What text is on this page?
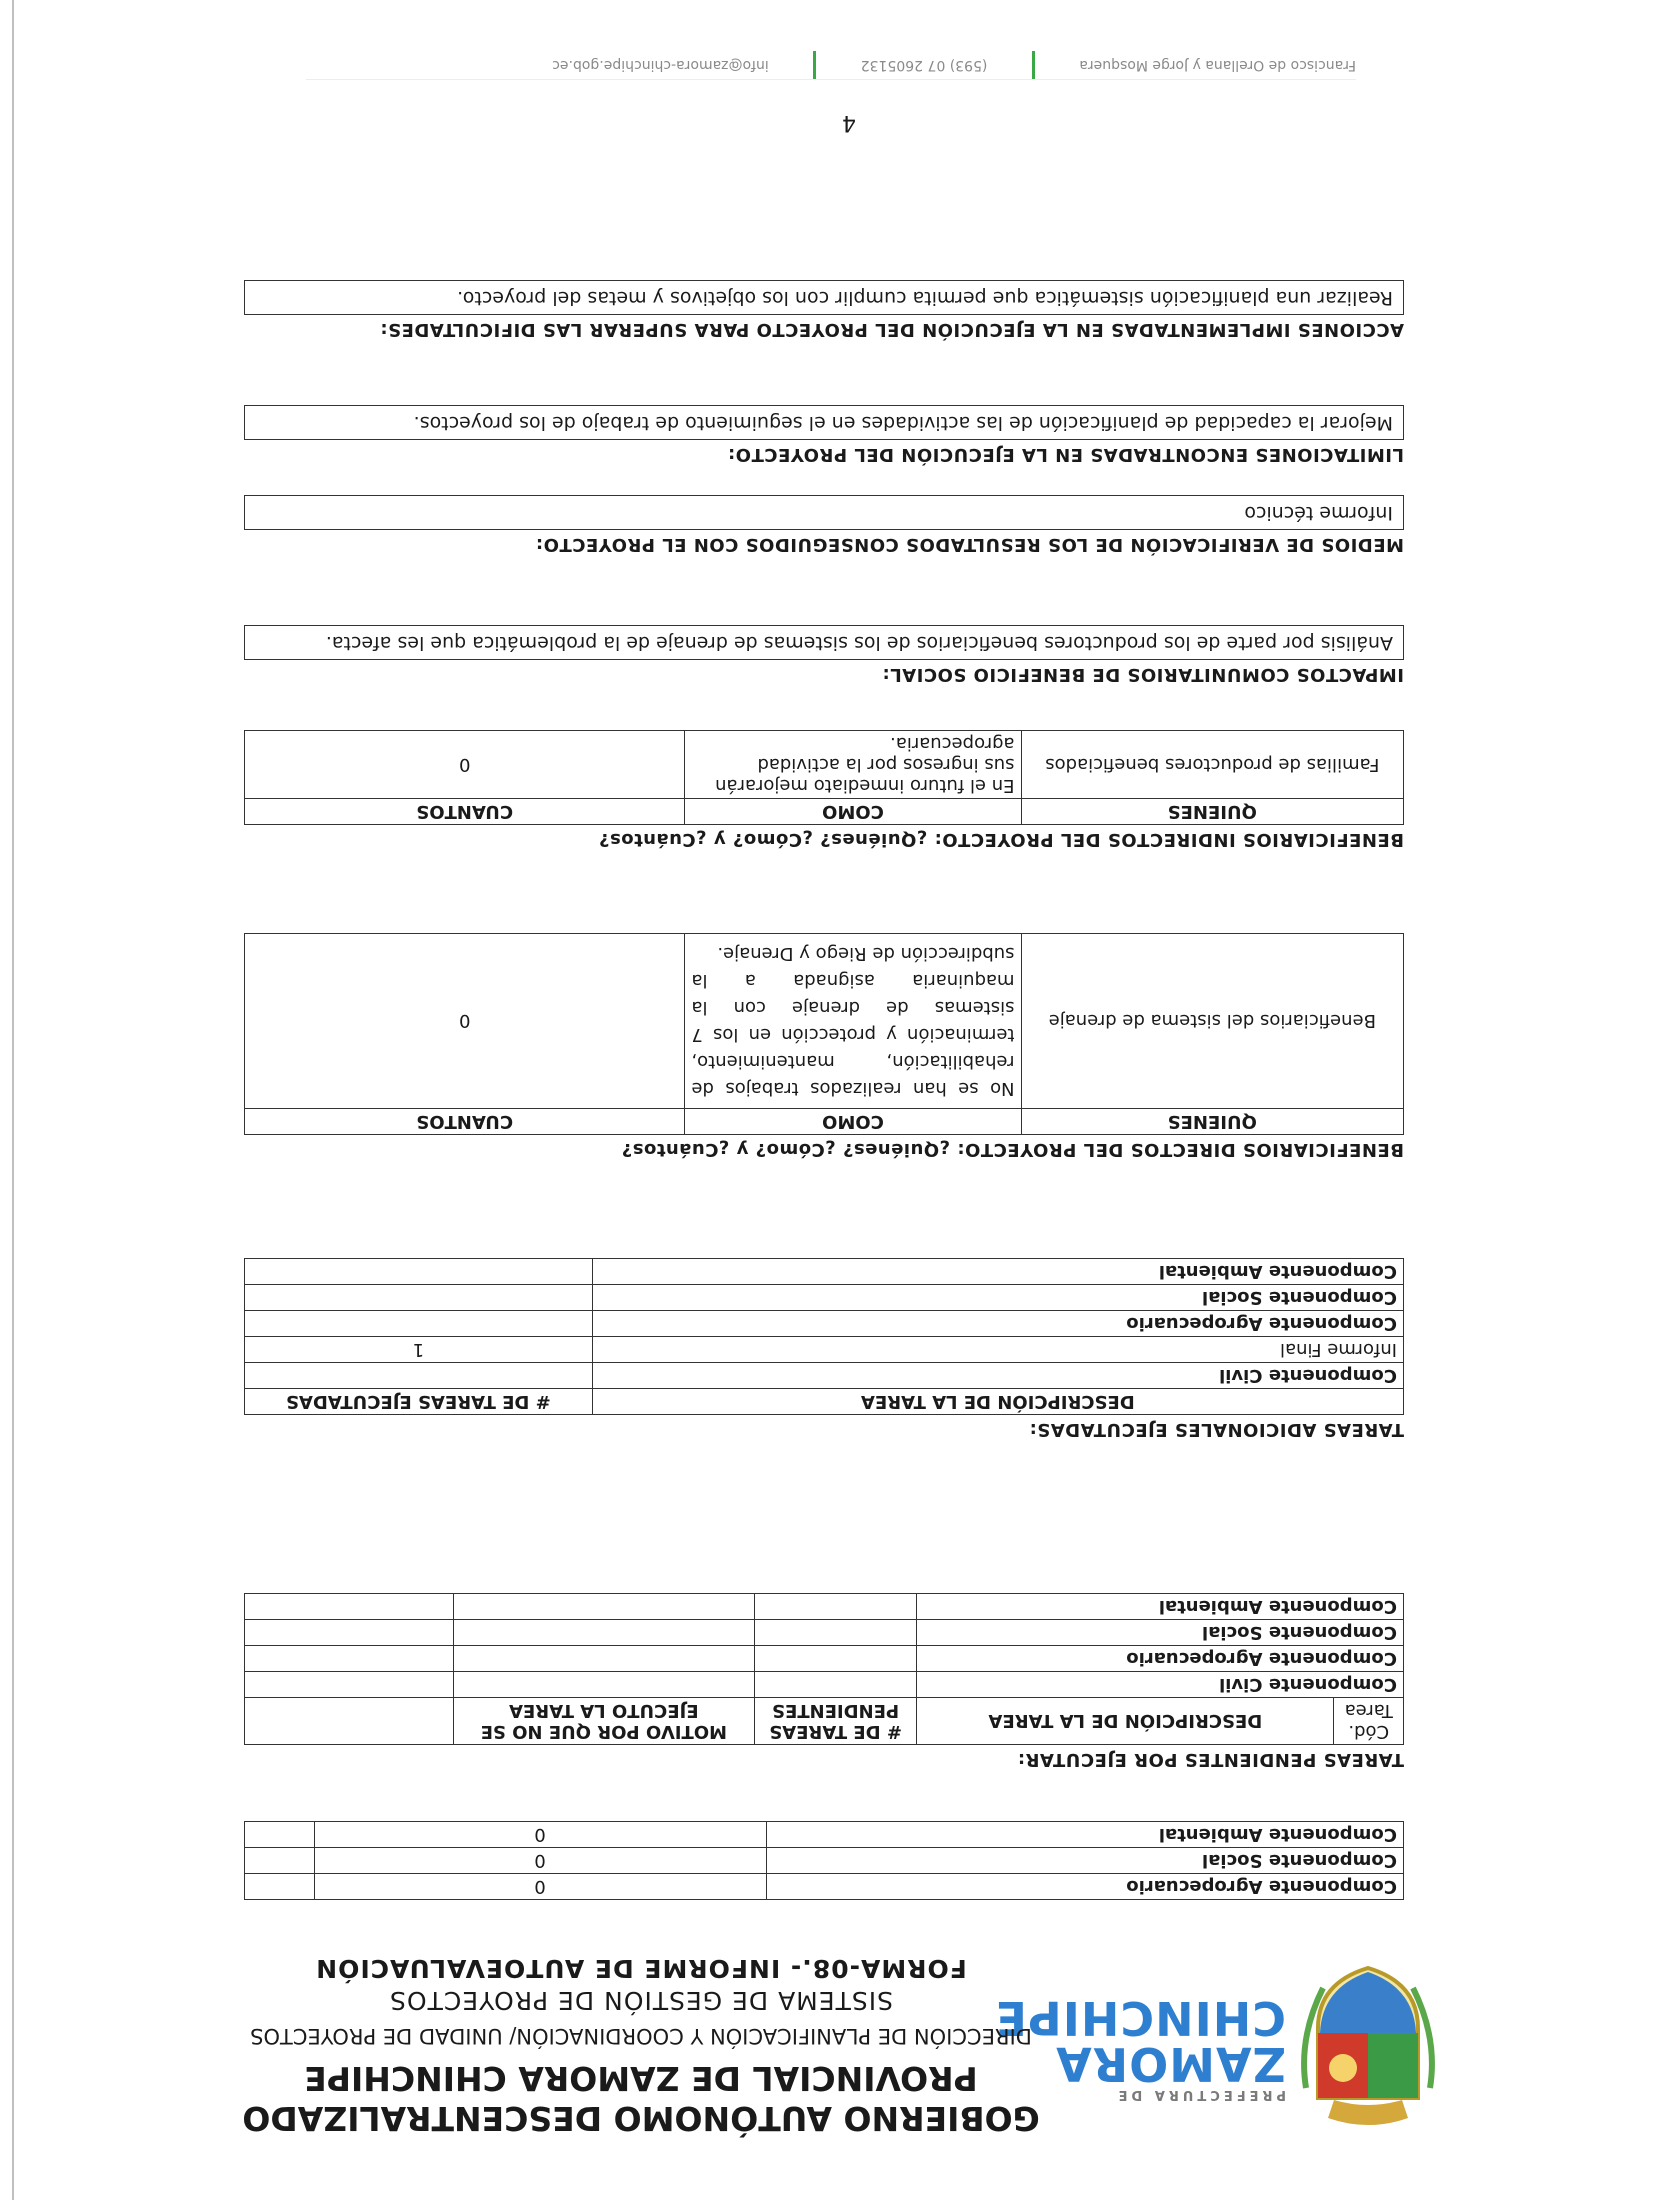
PREFECTURA DE
ZAMORA
CHINCHIPE
GOBIERNO AUTÓNOMO DESCENTRALIZADO
PROVINCIAL DE ZAMORA CHINCHIPE
DIRECCIÓN DE PLANIFICACIÓN Y COORDINACIÓN/ UNIDAD DE PROYECTOS
SISTEMA DE GESTIÓN DE PROYECTOS
FORMA-08.- INFORME DE AUTOEVALUACIÓN
Componente Agropecuario	0	
Componente Social	0	
Componente Ambiental	0	
TAREAS PENDIENTES POR EJECUTAR:
Cód. Tarea	DESCRIPCIÓN DE LA TAREA	# DE TAREAS PENDIENTES	MOTIVO POR QUE NO SE EJECUTO LA TAREA	
Componente Civil				
Componente Agropecuario				
Componente Social				
Componente Ambiental				
TAREAS ADICIONALES EJECUTADAS:
DESCRIPCIÓN DE LA TAREA	# DE TAREAS EJECUTADAS
Componente Civil	
Informe Final	1
Componente Agropecuario	
Componente Social	
Componente Ambiental	
BENEFICIARIOS DIRECTOS DEL PROYECTO: ¿Quiénes? ¿Cómo? y ¿Cuántos?
QUIENES	COMO	CUANTOS
Beneficiarios del sistema de drenaje	No se han realizados trabajos de rehabilitación, mantenimiento, terminación y protección en los 7 sistemas de drenaje con la maquinaria asignada a la subdirección de Riego y Drenaje.	0
BENEFICIARIOS INDIRECTOS DEL PROYECTO: ¿Quiénes? ¿Cómo? y ¿Cuántos?
QUIENES	COMO	CUANTOS
Familias de productores beneficiados	En el futuro inmediato mejorarán sus ingresos por la actividad agropecuaria.	0
IMPACTOS COMUNITARIOS DE BENEFICIO SOCIAL:
Análisis por parte de los productores beneficiarios de los sistemas de drenaje de la problemática que les afecta.
MEDIOS DE VERIFICACIÓN DE LOS RESULTADOS CONSEGUIDOS CON EL PROYECTO:
Informe técnico
LIMITACIONES ENCONTRADAS EN LA EJECUCIÓN DEL PROYECTO:
Mejorar la capacidad de planificación de las actividades en el seguimiento de trabajo de los proyectos.
ACCIONES IMPLEMENTADAS EN LA EJECUCIÓN DEL PROYECTO PARA SUPERAR LAS DIFICULTADES:
Realizar una planificación sistemática que permita cumplir con los objetivos y metas del proyecto.
4
Francisco de Orellana y Jorge Mosquera  (593) 07 2605132  info@zamora-chinchipe.gob.ec
